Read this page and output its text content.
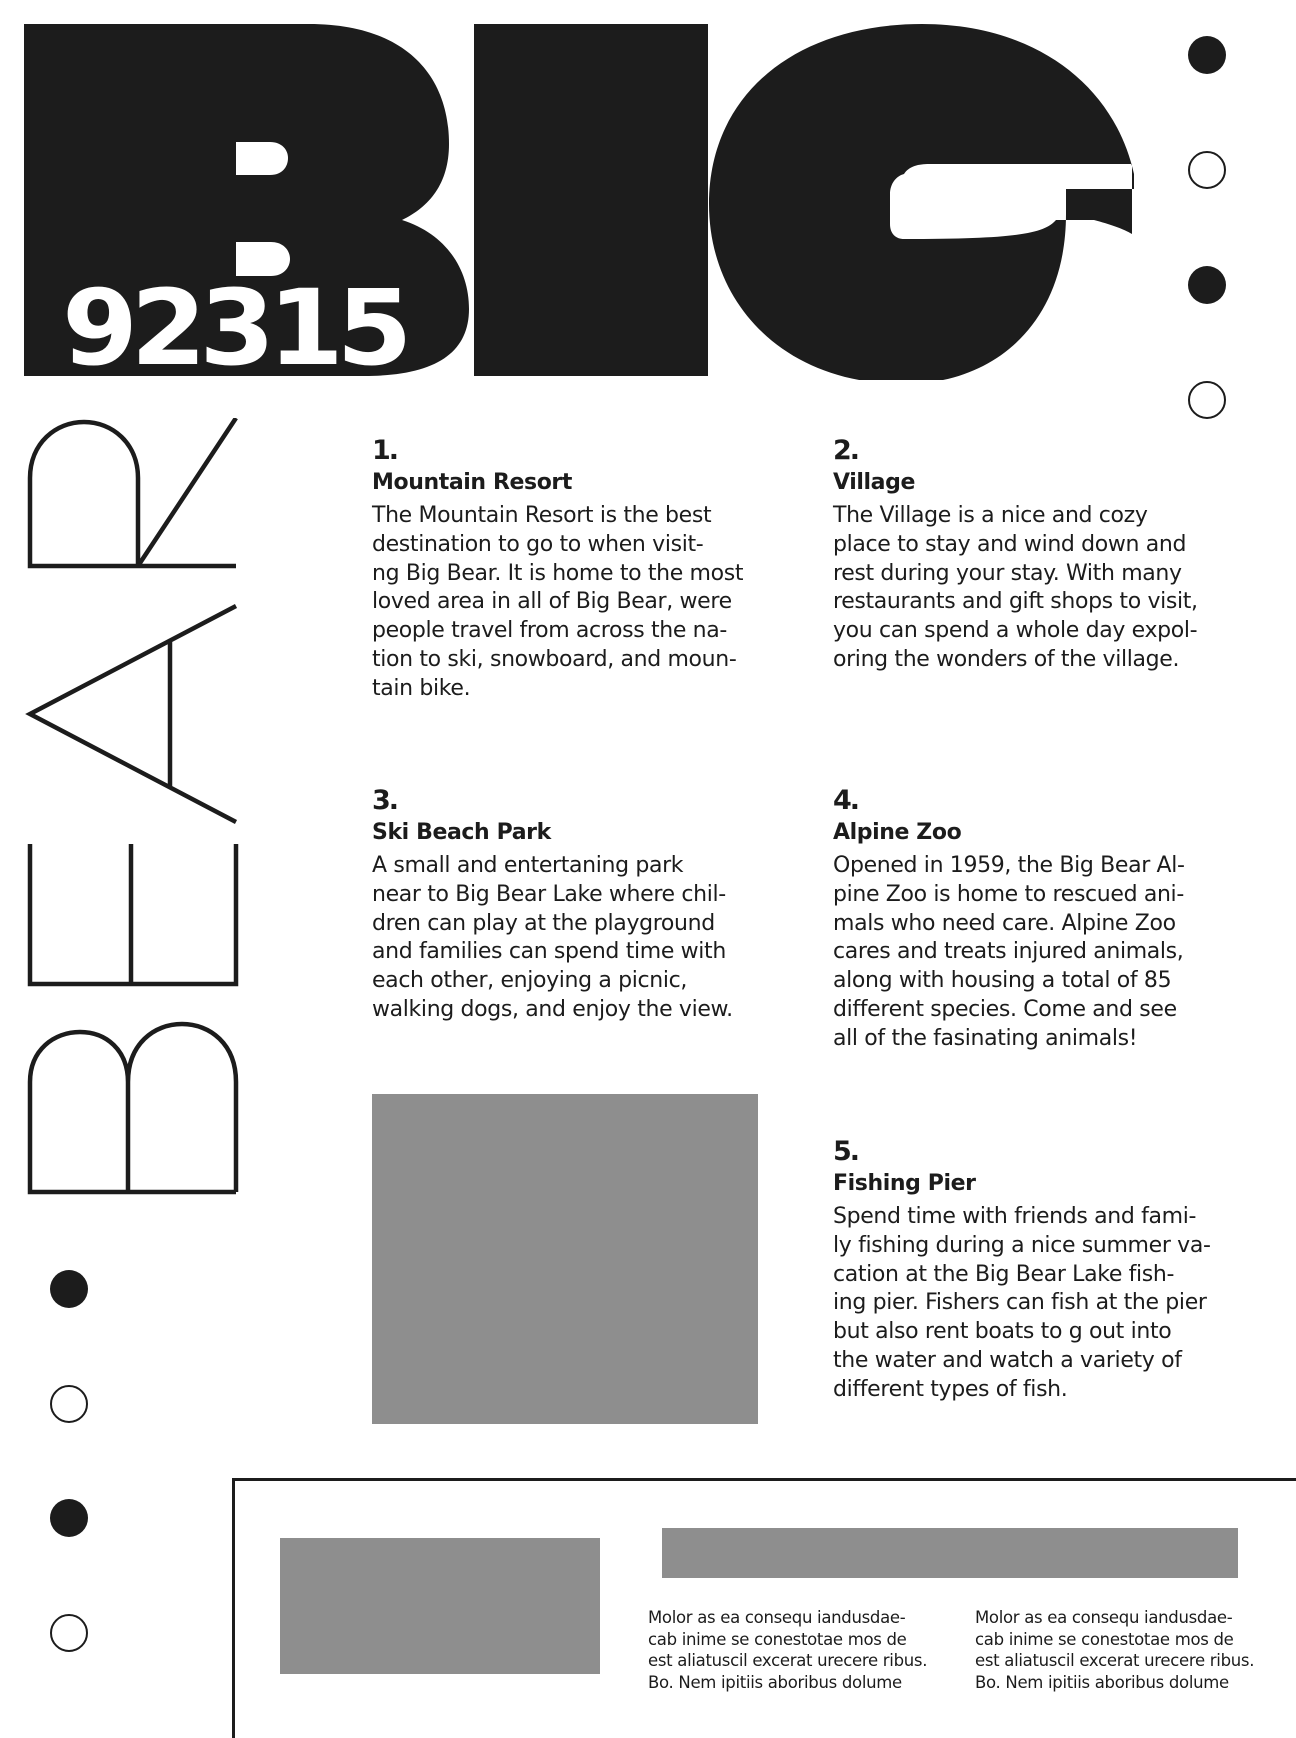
92315

1.

Mountain Resort

The Mountain Resort is the best
destination to go to when visit-
ng Big Bear. It is home to the most
loved area in all of Big Bear, were
people travel from across the na-
tion to ski, snowboard, and moun-
tain bike.

2.

Village

The Village is a nice and cozy
place to stay and wind down and
rest during your stay. With many
restaurants and gift shops to visit,
you can spend a whole day expol-
oring the wonders of the village.

3.

Ski Beach Park

A small and entertaning park
near to Big Bear Lake where chil-
dren can play at the playground
and families can spend time with
each other, enjoying a picnic,
walking dogs, and enjoy the view.

4.

Alpine Zoo

Opened in 1959, the Big Bear Al-
pine Zoo is home to rescued ani-
mals who need care. Alpine Zoo
cares and treats injured animals,
along with housing a total of 85
different species. Come and see
all of the fasinating animals!

5.

Fishing Pier

Spend time with friends and fami-
ly fishing during a nice summer va-
cation at the Big Bear Lake fish-
ing pier. Fishers can fish at the pier
but also rent boats to g out into
the water and watch a variety of
different types of fish.

Molor as ea consequ iandusdae-
cab inime se conestotae mos de
est aliatuscil excerat urecere ribus.
Bo. Nem ipitiis aboribus dolume

Molor as ea consequ iandusdae-
cab inime se conestotae mos de
est aliatuscil excerat urecere ribus.
Bo. Nem ipitiis aboribus dolume
